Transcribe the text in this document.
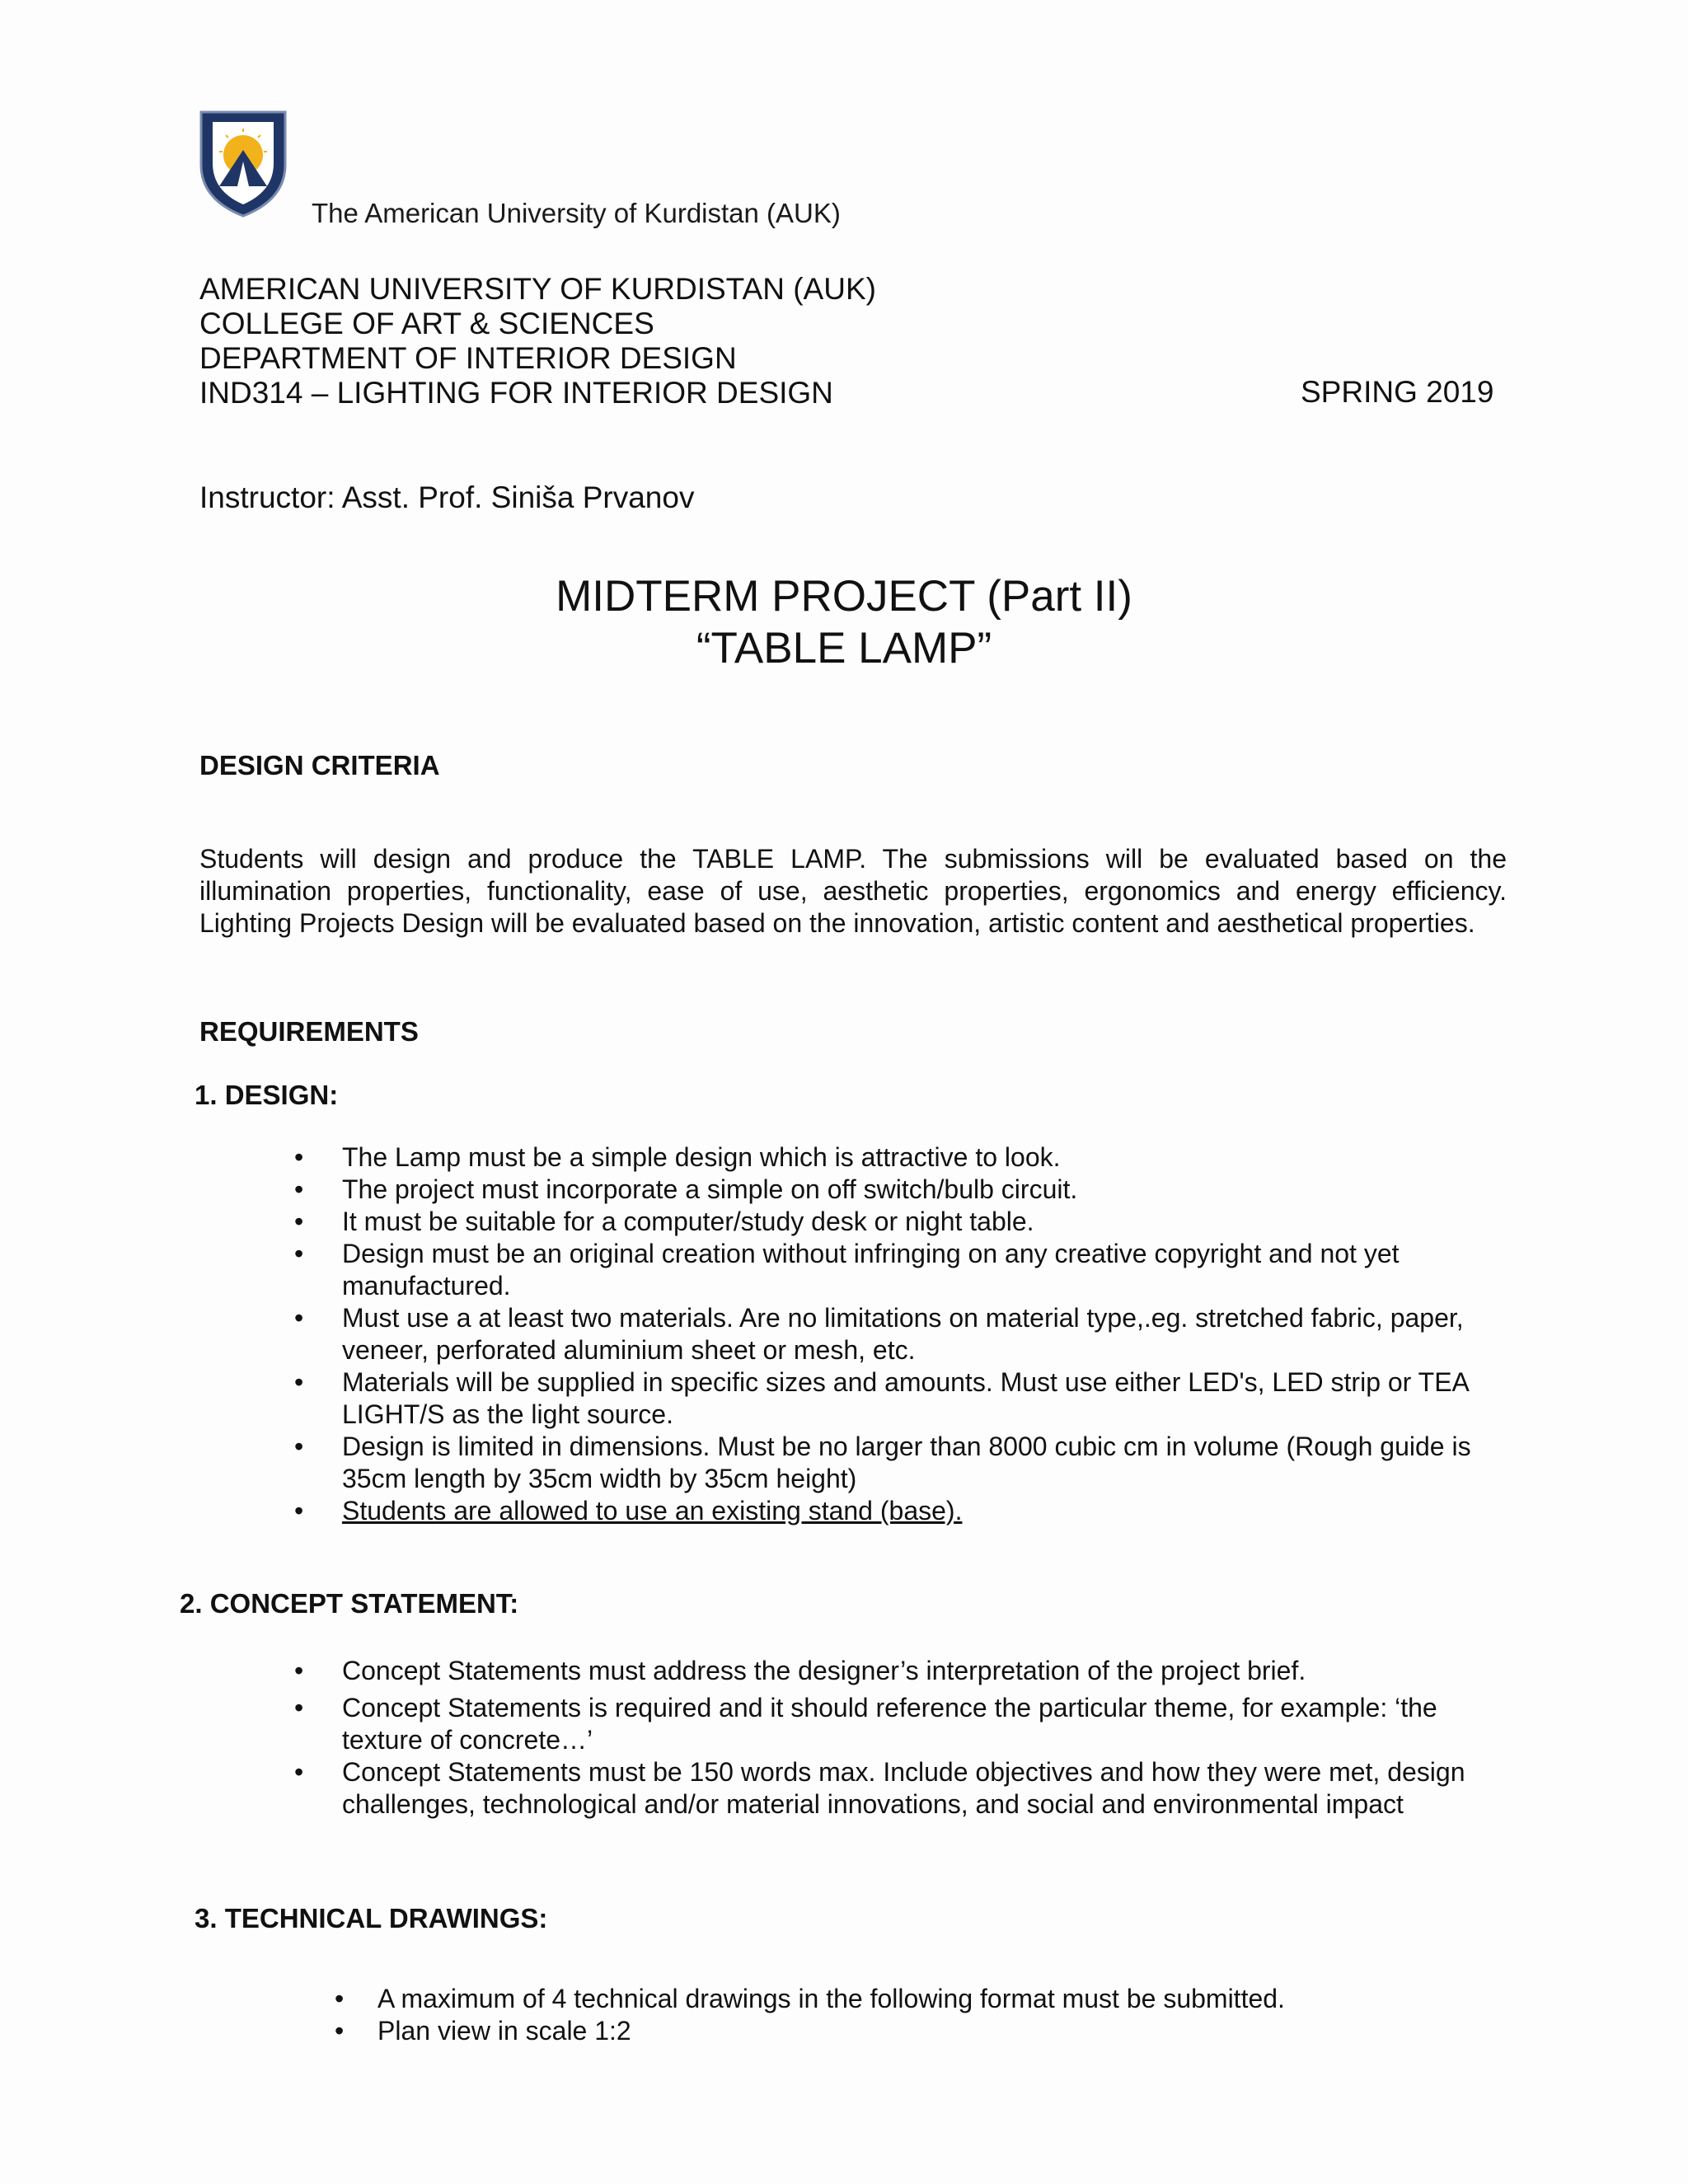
The American University of Kurdistan (AUK)
AMERICAN UNIVERSITY OF KURDISTAN (AUK)
COLLEGE OF ART & SCIENCES
DEPARTMENT OF INTERIOR DESIGN
IND314 – LIGHTING FOR INTERIOR DESIGN	SPRING 2019
Instructor: Asst. Prof. Siniša Prvanov
MIDTERM PROJECT (Part II)
“TABLE LAMP”
DESIGN CRITERIA
Students will design and produce the TABLE LAMP. The submissions will be evaluated based on the illumination properties, functionality, ease of use, aesthetic properties, ergonomics and energy efficiency. Lighting Projects Design will be evaluated based on the innovation, artistic content and aesthetical properties.
REQUIREMENTS
1. DESIGN:
• The Lamp must be a simple design which is attractive to look.
• The project must incorporate a simple on off switch/bulb circuit.
• It must be suitable for a computer/study desk or night table.
• Design must be an original creation without infringing on any creative copyright and not yet manufactured.
• Must use a at least two materials. Are no limitations on material type,.eg. stretched fabric, paper, veneer, perforated aluminium sheet or mesh, etc.
• Materials will be supplied in specific sizes and amounts. Must use either LED's, LED strip or TEA LIGHT/S as the light source.
• Design is limited in dimensions. Must be no larger than 8000 cubic cm in volume (Rough guide is 35cm length by 35cm width by 35cm height)
• Students are allowed to use an existing stand (base).
2. CONCEPT STATEMENT:
• Concept Statements must address the designer’s interpretation of the project brief.
• Concept Statements is required and it should reference the particular theme, for example: ‘the texture of concrete…’
• Concept Statements must be 150 words max. Include objectives and how they were met, design challenges, technological and/or material innovations, and social and environmental impact
3. TECHNICAL DRAWINGS:
• A maximum of 4 technical drawings in the following format must be submitted.
• Plan view in scale 1:2
